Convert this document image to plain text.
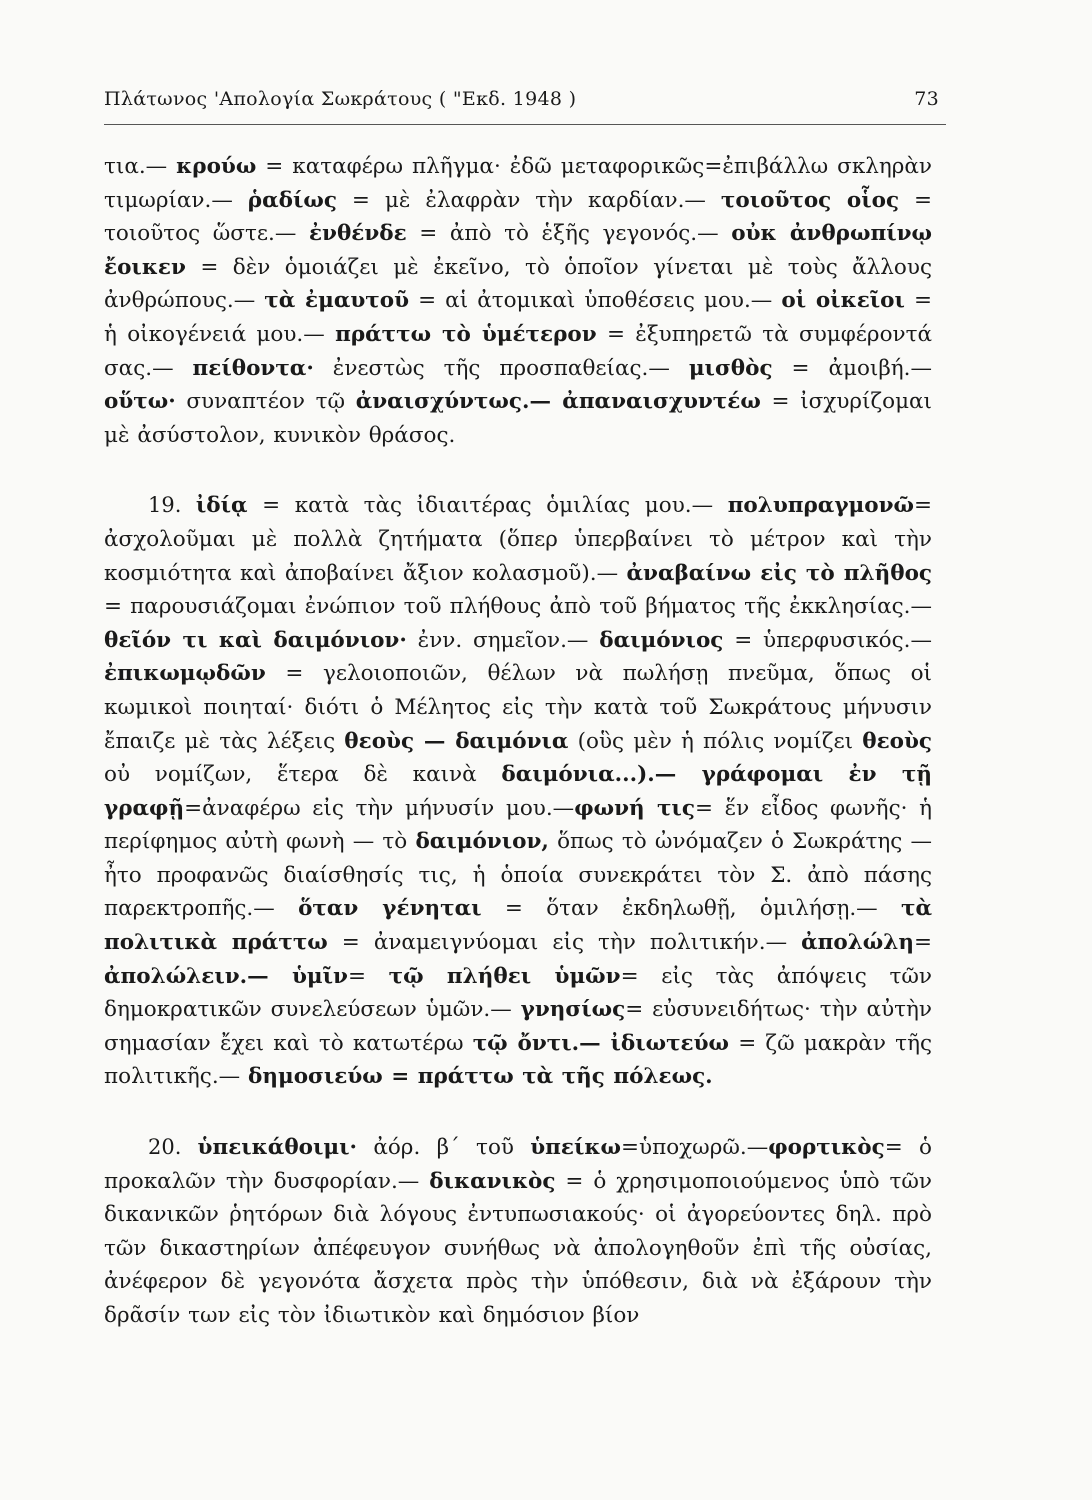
Πλάτωνος 'Απολογία Σωκράτους ( "Εκδ. 1948 )	73

τια.— κρούω = καταφέρω πλῆγμα· ἐδῶ μεταφορικῶς=ἐπιβάλλω σκληρὰν τιμωρίαν.— ῥαδίως = μὲ ἐλαφρὰν τὴν καρδίαν.— τοιοῦτος οἷος = τοιοῦτος ὥστε.— ἐνθένδε = ἀπὸ τὸ ἑξῆς γεγονός.— οὐκ ἀνθρωπίνῳ ἔοικεν = δὲν ὁμοιάζει μὲ ἐκεῖνο, τὸ ὁποῖον γίνεται μὲ τοὺς ἄλλους ἀνθρώπους.— τὰ ἐμαυτοῦ = αἱ ἀτομικαὶ ὑποθέσεις μου.— οἱ οἰκεῖοι = ἡ οἰκογένειά μου.— πράττω τὸ ὑμέτερον = ἐξυπηρετῶ τὰ συμφέροντά σας.— πείθοντα· ἐνεστὼς τῆς προσπαθείας.— μισθὸς = ἀμοιβή.— οὕτω· συναπτέον τῷ ἀναισχύντως.— ἀπαναισχυντέω = ἰσχυρίζομαι μὲ ἀσύστολον, κυνικὸν θράσος.

19. ἰδίᾳ = κατὰ τὰς ἰδιαιτέρας ὁμιλίας μου.— πολυπραγμονῶ= ἀσχολοῦμαι μὲ πολλὰ ζητήματα (ὅπερ ὑπερβαίνει τὸ μέτρον καὶ τὴν κοσμιότητα καὶ ἀποβαίνει ἄξιον κολασμοῦ).— ἀναβαίνω εἰς τὸ πλῆθος = παρουσιάζομαι ἐνώπιον τοῦ πλήθους ἀπὸ τοῦ βήματος τῆς ἐκκλησίας.— θεῖόν τι καὶ δαιμόνιον· ἐνν. σημεῖον.— δαιμόνιος = ὑπερφυσικός.— ἐπικωμῳδῶν = γελοιοποιῶν, θέλων νὰ πωλήσῃ πνεῦμα, ὅπως οἱ κωμικοὶ ποιηταί· διότι ὁ Μέλητος εἰς τὴν κατὰ τοῦ Σωκράτους μήνυσιν ἔπαιζε μὲ τὰς λέξεις θεοὺς — δαιμόνια (οὓς μὲν ἡ πόλις νομίζει θεοὺς οὐ νομίζων, ἕτερα δὲ καινὰ δαιμόνια...).— γράφομαι ἐν τῇ γραφῇ=ἀναφέρω εἰς τὴν μήνυσίν μου.—φωνή τις= ἕν εἶδος φωνῆς· ἡ περίφημος αὐτὴ φωνὴ — τὸ δαιμόνιον, ὅπως τὸ ὠνόμαζεν ὁ Σωκράτης — ἦτο προφανῶς διαίσθησίς τις, ἡ ὁποία συνεκράτει τὸν Σ. ἀπὸ πάσης παρεκτροπῆς.— ὅταν γένηται = ὅταν ἐκδηλωθῇ, ὁμιλήσῃ.— τὰ πολιτικὰ πράττω = ἀναμειγνύομαι εἰς τὴν πολιτικήν.— ἀπολώλη= ἀπολώλειν.— ὑμῖν= τῷ πλήθει ὑμῶν= εἰς τὰς ἀπόψεις τῶν δημοκρατικῶν συνελεύσεων ὑμῶν.— γνησίως= εὐσυνειδήτως· τὴν αὐτὴν σημασίαν ἔχει καὶ τὸ κατωτέρω τῷ ὄντι.— ἰδιωτεύω = ζῶ μακρὰν τῆς πολιτικῆς.— δημοσιεύω = πράττω τὰ τῆς πόλεως.

20. ὑπεικάθοιμι· ἀόρ. β΄ τοῦ ὑπείκω=ὑποχωρῶ.—φορτικὸς= ὁ προκαλῶν τὴν δυσφορίαν.— δικανικὸς = ὁ χρησιμοποιούμενος ὑπὸ τῶν δικανικῶν ῥητόρων διὰ λόγους ἐντυπωσιακούς· οἱ ἀγορεύοντες δηλ. πρὸ τῶν δικαστηρίων ἀπέφευγον συνήθως νὰ ἀπολογηθοῦν ἐπὶ τῆς οὐσίας, ἀνέφερον δὲ γεγονότα ἄσχετα πρὸς τὴν ὑπόθεσιν, διὰ νὰ ἐξάρουν τὴν δρᾶσίν των εἰς τὸν ἰδιωτικὸν καὶ δημόσιον βίον
